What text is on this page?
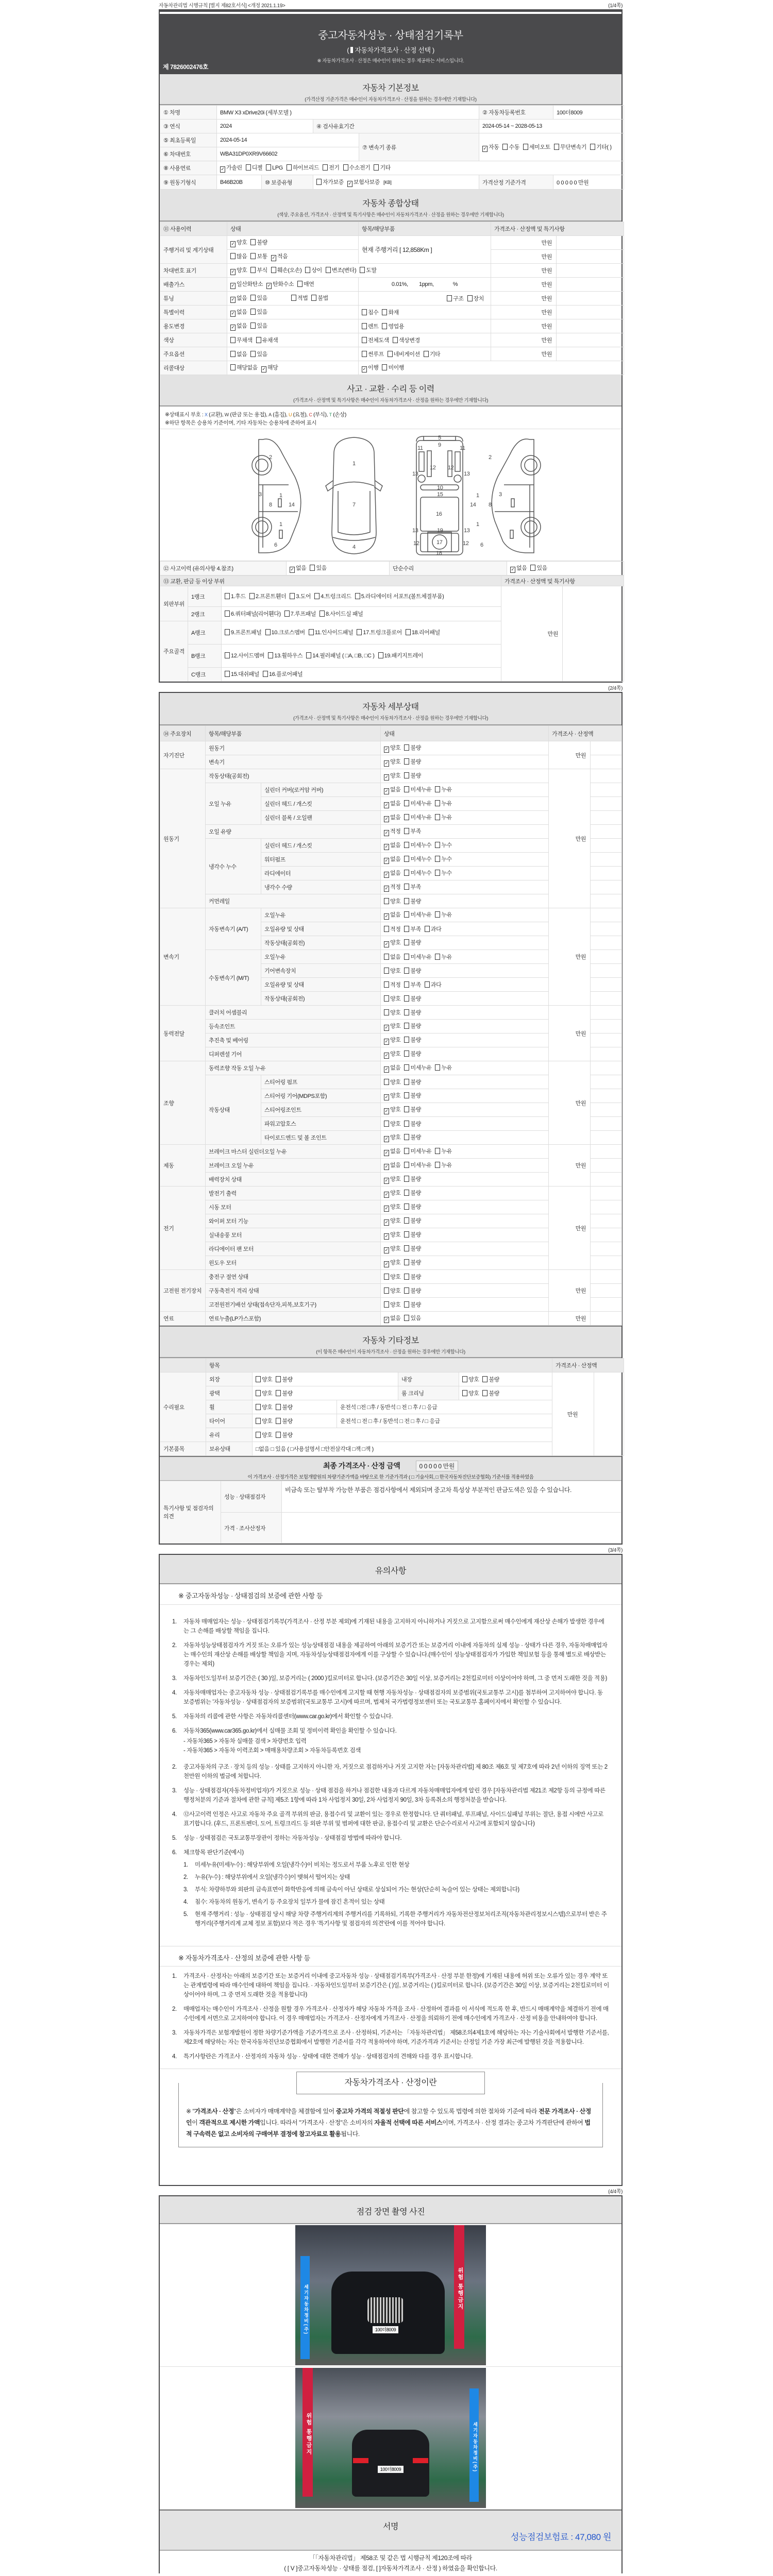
자동차관리법 시행규칙 [별지 제82호서식] <개정 2021.1.19>	(1/4쪽)
중고자동차성능 · 상태점검기록부
( 자동차가격조사 · 산정 선택 )
※ 자동차가격조사 · 산정은 매수인이 원하는 경우 제공하는 서비스입니다.
제 7826002476호
자동차 기본정보

(가격산정 기준가격은 매수인이 자동차가격조사 · 산정을 원하는 경우에만 기재합니다)

① 차명	BMW X3 xDrive20i (세부모델 )				② 자동차등록번호	100더8009
③ 연식	2024		④ 검사유효기간		2024-05-14 ~ 2028-05-13	
⑤ 최초등록일	2024-05-14			⑦ 변속기 종류	✓ 자동 수동 세미오토 무단변속기 기타( )	
⑥ 차대번호	WBA31DP0XR9V66602					
⑧ 사용연료	✓ 가솔린 디젤 LPG 하이브리드 전기 수소전기 기타					
⑨ 원동기형식	B46B20B	⑩ 보증유형	자가보증 ✓ 보험사보증 [KB]		가격산정 기준가격	0 0 0 0 0 만원
자동차 종합상태

(색상, 주요옵션, 가격조사 · 산정액 및 특기사항은 매수인이 자동차가격조사 · 산정을 원하는 경우에만 기재합니다)

⑪ 사용이력	상태	항목/해당부품	가격조사 · 산정액 및 특기사항	
주행거리 및 계기상태	✓ 양호 불량	현재 주행거리 [ 12,858Km ]	만원	
	많음 보통 ✓ 적음		만원	
차대번호 표기	✓ 양호 부식 훼손(오손) 상이 변조(변타) 도말		만원	
배출가스	✓ 일산화탄소 ✓ 탄화수소 매연	0.01%,        1ppm,              %	만원	
튜닝	✓ 없음 있음 적법 불법	구조 장치	만원	
특별이력	✓ 없음 있음	침수 화재	만원	
용도변경	✓ 없음 있음	렌트 영업용	만원	
색상	무채색 유채색	전체도색 색상변경	만원	
주요옵션	없음 있음	썬루프 네비게이션 기타	만원	
리콜대상	해당없음 ✓ 해당	✓ 이행 미이행		
사고 · 교환 · 수리 등 이력

(가격조사 · 산정액 및 특기사항은 매수인이 자동차가격조사 · 산정을 원하는 경우에만 기재합니다)

※상태표시 부호 : X (교환), W (판금 또는 용접), A (흠집), U (요철), C (부식), T (손상)
※하단 항목은 승용차 기준이며, 기타 자동차는 승용차에 준하여 표시
2
8
1
1
14
6
3
2
8
1
1
14
6
3
1
7
4
5
9
11	11
13	13
12 12
10
15
16
13	13
19
17
12	12
18
⑫ 사고이력 (유의사항 4.참조)	✓ 없음 있음	단순수리	✓ 없음 있음
⑬ 교환, 판금 등 이상 부위			가격조사 · 산정액 및 특기사항	
외판부위	1랭크	1.후드 2.프론트휀더 3.도어 4.트렁크리드 5.라디에이터 서포트(볼트체결부품)	만원	
	2랭크	6.쿼터패널(리어휀다) 7.루프패널 8.사이드실 패널		
주요골격	A랭크	9.프론트패널 10.크로스멤버 11.인사이드패널 17.트렁크플로어 18.리어패널		
	B랭크	12.사이드멤버 13.휠하우스 14.필러패널 ( □A, □B, □C ) 19.패키지트레이		
	C랭크	15.대쉬패널 16.플로어패널		
(2/4쪽)
자동차 세부상태

(가격조사 · 산정액 및 특기사항은 매수인이 자동차가격조사 · 산정을 원하는 경우에만 기재합니다)

⑭ 주요장치	항목/해당부품		상태	가격조사 · 산정액	
자기진단	원동기		✓ 양호 불량	만원	
	변속기		✓ 양호 불량		
원동기	작동상태(공회전)		✓ 양호 불량	만원	
	오일 누유	실린더 커버(로커암 커버)	✓ 없음 미세누유 누유		
		실린더 헤드 / 개스킷	✓ 없음 미세누유 누유		
		실린더 블록 / 오일팬	✓ 없음 미세누유 누유		
	오일 유량		✓ 적정 부족		
	냉각수 누수	실린더 헤드 / 개스킷	✓ 없음 미세누수 누수		
		워터펌프	✓ 없음 미세누수 누수		
		라디에이터	✓ 없음 미세누수 누수		
		냉각수 수량	✓ 적정 부족		
	커먼레일		양호 불량		
변속기	자동변속기 (A/T)	오일누유	✓ 없음 미세누유 누유	만원	
		오일유량 및 상태	적정 부족 과다		
		작동상태(공회전)	✓ 양호 불량		
	수동변속기 (M/T)	오일누유	없음 미세누유 누유		
		기어변속장치	양호 불량		
		오일유량 및 상태	적정 부족 과다		
		작동상태(공회전)	양호 불량		
동력전달	클러치 어셈블리		양호 불량	만원	
	등속조인트		✓ 양호 불량		
	추진축 및 베어링		✓ 양호 불량		
	디퍼렌셜 기어		✓ 양호 불량		
조향	동력조향 작동 오일 누유		✓ 없음 미세누유 누유	만원	
	작동상태	스티어링 펌프	양호 불량		
		스티어링 기어(MDPS포함)	✓ 양호 불량		
		스티어링조인트	✓ 양호 불량		
		파워고압호스	양호 불량		
		타이로드엔드 및 볼 조인트	✓ 양호 불량		
제동	브레이크 마스터 실린더오일 누유		✓ 없음 미세누유 누유	만원	
	브레이크 오일 누유		✓ 없음 미세누유 누유		
	배력장치 상태		✓ 양호 불량		
전기	발전기 출력		✓ 양호 불량	만원	
	시동 모터		✓ 양호 불량		
	와이퍼 모터 기능		✓ 양호 불량		
	실내송풍 모터		✓ 양호 불량		
	라디에이터 팬 모터		✓ 양호 불량		
	윈도우 모터		✓ 양호 불량		
고전원 전기장치	충전구 절연 상태		양호 불량	만원	
	구동축전지 격리 상태		양호 불량		
	고전원전기배선 상태(접속단자,피복,보호기구)		양호 불량		
연료	연료누출(LP가스포함)		✓ 없음 있음	만원	
자동차 기타정보

(이 항목은 매수인이 자동차가격조사 · 산정을 원하는 경우에만 기재합니다)

	항목					가격조사 · 산정액	
수리필요	외장	양호 불량		내장	양호 불량	만원	
	광택	양호 불량		룸 크리닝	양호 불량		
	휠	양호 불량	운전석 □전 □후 / 동반석 □ 전 □ 후 / □ 응급				
	타이어	양호 불량	운전석 □ 전 □ 후 / 동반석 □ 전 □ 후 / □ 응급				
	유리	양호 불량					
기본품목	보유상태	□없음 □ 있음 ( □사용설명서 □안전삼각대 □잭 □잭 )					
최종 가격조사 · 산정 금액	0 0 0 0 0 만원
이 가격조사 · 산정가격은 보험개발원의 차량기준가액을 바탕으로 한 기준가격과 ( □ 기술사회, □ 한국자동차진단보증협회) 기준서를 적용하였음
특기사항 및 점검자의 의견	성능 · 상태점검자	비금속 또는 탈부착 가능한 부품은 점검사항에서 제외되며 중고차 특성상 부분적인 판금도색은 있을 수 있습니다.
	가격 · 조사산정자	
(3/4쪽)
유의사항
※ 중고자동차성능 · 상태점검의 보증에 관한 사항 등
1.	자동차 매매업자는 성능 · 상태점검기록부(가격조사 · 산정 부분 제외)에 기재된 내용을 고지하지 아니하거나 거짓으로 고지함으로써 매수인에게 재산상 손해가 발생한 경우에는 그 손해를 배상할 책임을 집니다.
2.	자동차성능상태점검자가 거짓 또는 오류가 있는 성능상태점검 내용을 제공하여 아래의 보증기간 또는 보증거리 이내에 자동차의 실제 성능 · 상태가 다른 경우, 자동차매매업자는 매수인의 재산상 손해를 배상할 책임을 지며, 자동차성능상태점검자에게 이를 구상할 수 있습니다.(매수인이 성능상태점검자가 가입한 책임보험 등을 통해 별도로 배상받는 경우는 제외)
3.	자동차인도일부터 보증기간은 ( 30 )일, 보증거리는 ( 2000 )킬로미터로 합니다. (보증기간은 30일 이상, 보증거리는 2천킬로미터 이상이어야 하며, 그 중 먼저 도래한 것을 적용)
4.	자동차매매업자는 중고자동차 성능 · 상태점검기록부를 매수인에게 고지할 때 현행 자동차성능 · 상태점검자의 보증범위(국토교통부 고시)를 첨부하여 고지하여야 합니다. 동 보증범위는 '자동차성능 · 상태점검자의 보증범위'(국토교통부 고시)에 따르며, 법제처 국가법령정보센터 또는 국토교통부 홈페이지에서 확인할 수 있습니다.
5.	자동차의 리콜에 관한 사항은 자동차리콜센터(www.car.go.kr)에서 확인할 수 있습니다.
6.	자동차365(www.car365.go.kr)에서 실매물 조회 및 정비이력 확인을 확인할 수 있습니다.
- 자동차365 > 자동차 실매물 검색 > 차량번호 입력
- 자동차365 > 자동차 이력조회 > 매매용차량조회 > 자동차등록번호 검색
2.	중고자동차의 구조 · 장치 등의 성능 · 상태를 고지하지 아니한 자, 거짓으로 점검하거나 거짓 고지한 자는 [자동차관리법] 제 80조 제6호 및 제7호에 따라 2년 이하의 징역 또는 2천만원 이하의 벌금에 처합니다.
3.	성능 · 상태점검자(자동차정비업자)가 거짓으로 성능 · 상태 점검을 하거나 점검한 내용과 다르게 자동차매매업자에게 알린 경우 [자동차관리법 제21조 제2항 등의 규정에 따른 행정처분의 기준과 절차에 관한 규칙] 제5조 1항에 따라 1차 사업정지 30일, 2차 사업정지 90일, 3차 등록취소의 행정처분을 받습니다.
4.	⑫사고이력 인정은 사고로 자동차 주요 골격 부위의 판금, 용접수리 및 교환이 있는 경우로 한정합니다. 단 쿼터패널, 루프패널, 사이드실패널 부위는 절단, 용접 시에만 사고로 표기합니다. (후드, 프론트펜더, 도어, 트렁크리드 등 외판 부위 및 범퍼에 대한 판금, 용접수리 및 교환은 단순수리로서 사고에 포함되지 않습니다)
5.	성능 · 상태점검은 국토교통부장관이 정하는 자동차성능 · 상태점검 방법에 따라야 합니다.
6.	체크항목 판단기준(예시)
1.	미세누유(미세누수) : 해당부위에 오일(냉각수)이 비치는 정도로서 부품 노후로 인한 현상
2.	누유(누수) : 해당부위에서 오일(냉각수)이 맺혀서 떨어지는 상태
3.	부식: 차량하부와 외판의 금속표면이 화학반응에 의해 금속이 아닌 상태로 상실되어 가는 현상(단순히 녹슬어 있는 상태는 제외합니다)
4.	침수: 자동차의 원동기, 변속기 등 주요장치 일부가 물에 잠긴 흔적이 있는 상태
5.	현재 주행거리 : 성능 · 상태점검 당시 해당 차량 주행거리계의 주행거리를 기록하되, 기록한 주행거리가 자동차전산정보처리조직(자동차관리정보시스템)으로부터 받은 주행거리(주행거리계 교체 정보 포함)보다 적은 경우 '특기사항 및 점검자의 의견'란에 이를 적어야 합니다.
※ 자동차가격조사 · 산정의 보증에 관한 사항 등
1.	가격조사 · 산정자는 아래의 보증기간 또는 보증거리 이내에 중고자동차 성능 · 상태점검기록부(가격조사 · 산정 부분 한정)에 기재된 내용에 허위 또는 오류가 있는 경우 계약 또는 관계법령에 따라 매수인에 대하여 책임을 집니다. · 자동차인도일부터 보증기간은 ( )일, 보증거리는 ( )킬로미터로 합니다. (보증기간은 30일 이상, 보증거리는 2천킬로미터 이상이어야 하며, 그 중 먼저 도래한 것을 적용합니다)
2.	매매업자는 매수인이 가격조사 · 산정을 원할 경우 가격조사 · 산정자가 해당 자동차 가격을 조사 · 산정하여 결과를 이 서식에 적도록 한 후, 반드시 매매계약을 체결하기 전에 매수인에게 서면으로 고지하여야 합니다. 이 경우 매매업자는 가격조사 · 산정자에게 가격조사 · 산정을 의뢰하기 전에 매수인에게 가격조사 · 산정 비용을 안내하여야 합니다.
3.	자동차가격은 보험개발원이 정한 차량기준가액을 기준가격으로 조사 · 산정하되, 기준서는 「자동차관리법」 제58조의4제1호에 해당하는 자는 기술사회에서 발행한 기준서를, 제2호에 해당하는 자는 한국자동차진단보증협회에서 발행한 기준서를 각각 적용하여야 하며, 기준가격과 기준서는 산정일 기준 가장 최근에 발행된 것을 적용합니다.
4.	특기사항란은 가격조사 · 산정자의 자동차 성능 · 상태에 대한 견해가 성능 · 상태점검자의 견해와 다를 경우 표시합니다.
자동차가격조사 · 산정이란
※ "가격조사 · 산정"은 소비자가 매매계약을 체결함에 있어 중고차 가격의 적절성 판단에 참고할 수 있도록 법령에 의한 절차와 기준에 따라 전문 가격조사 · 산정인이 객관적으로 제시한 가액입니다. 따라서 "가격조사 · 산정"은 소비자의 자율적 선택에 따른 서비스이며, 가격조사 · 산정 결과는 중고차 가격판단에 관하여 법적 구속력은 없고 소비자의 구매여부 결정에 참고자료로 활용됩니다.
(4/4쪽)
점검 장면 촬영 사진
세기자동차정비(주)	위험 통행금지
100더8009
위험 통행금지	세기자동차정비(주)
100더8009
서명
성능점검보험료 : 47,080 원
「「자동차관리법」 제58조 및 같은 법 시행규칙 제120조에 따라
( [ V ]중고자동차성능 · 상태를 점검, [ ]자동차가격조사 · 산정 ) 하였음을 확인합니다.
